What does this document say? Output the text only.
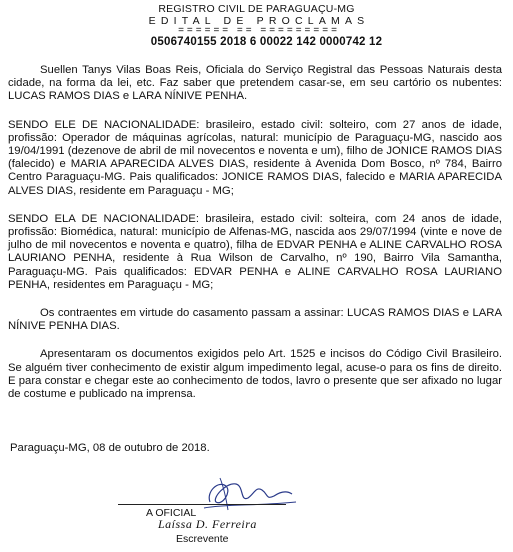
REGISTRO CIVIL DE PARAGUAÇU-MG
EDITAL DE PROCLAMAS
====== == =========
0506740155 2018 6 00022 142 0000742 12

Suellen Tanys Vilas Boas Reis, Oficiala do Serviço Registral das Pessoas Naturais desta cidade, na forma da lei, etc. Faz saber que pretendem casar-se, em seu cartório os nubentes: LUCAS RAMOS DIAS e LARA NÍNIVE PENHA.

SENDO ELE DE NACIONALIDADE: brasileiro, estado civil: solteiro, com 27 anos de idade, profissão: Operador de máquinas agrícolas, natural: município de Paraguaçu-MG, nascido aos 19/04/1991 (dezenove de abril de mil novecentos e noventa e um), filho de JONICE RAMOS DIAS (falecido) e MARIA APARECIDA ALVES DIAS, residente à Avenida Dom Bosco, nº 784, Bairro Centro Paraguaçu-MG. Pais qualificados: JONICE RAMOS DIAS, falecido e MARIA APARECIDA ALVES DIAS, residente em Paraguaçu - MG;

SENDO ELA DE NACIONALIDADE: brasileira, estado civil: solteira, com 24 anos de idade, profissão: Biomédica, natural: município de Alfenas-MG, nascida aos 29/07/1994 (vinte e nove de julho de mil novecentos e noventa e quatro), filha de EDVAR PENHA e ALINE CARVALHO ROSA LAURIANO PENHA, residente à Rua Wilson de Carvalho, nº 190, Bairro Vila Samantha, Paraguaçu-MG. Pais qualificados: EDVAR PENHA e ALINE CARVALHO ROSA LAURIANO PENHA, residentes em Paraguaçu - MG;

Os contraentes em virtude do casamento passam a assinar: LUCAS RAMOS DIAS e LARA NÍNIVE PENHA DIAS.

Apresentaram os documentos exigidos pelo Art. 1525 e incisos do Código Civil Brasileiro. Se alguém tiver conhecimento de existir algum impedimento legal, acuse-o para os fins de direito. E para constar e chegar este ao conhecimento de todos, lavro o presente que ser afixado no lugar de costume e publicado na imprensa.

Paraguaçu-MG, 08 de outubro de 2018.
A OFICIAL
Laíssa D. Ferreira
Escrevente
